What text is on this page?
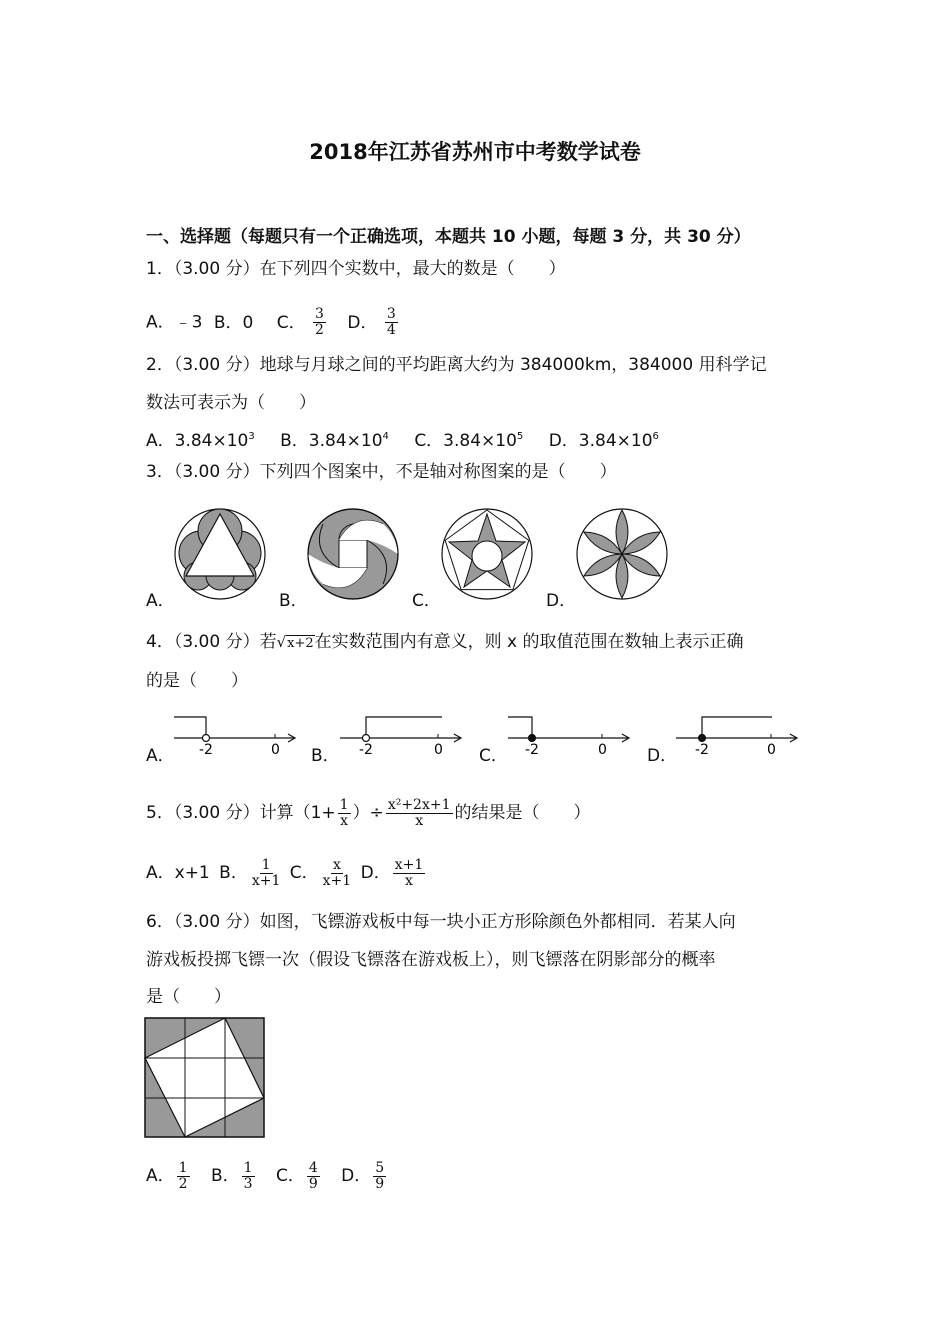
2018年江苏省苏州市中考数学试卷
一、选择题（每题只有一个正确选项，本题共 10 小题，每题 3 分，共 30 分）
1．（3.00 分）在下列四个实数中，最大的数是（　　）
A．﹣3 B．0 C． $\frac{3}{2}$ D． $\frac{3}{4}$
2．（3.00 分）地球与月球之间的平均距离大约为 384000km，384000 用科学记
数法可表示为（　　）
A．$3.84\times 10^3$ B．$3.84\times 10^4$ C．$3.84\times 10^5$ D．$3.84\times 10^6$
3．（3.00 分）下列四个图案中，不是轴对称图案的是（　　）
A．	B．	C．	D．
4．（3.00 分）若√x+2在实数范围内有意义，则 x 的取值范围在数轴上表示正确
的是（　　）
A．	B．	C．	D．
-2	0	-2	0	-2	0	-2	0
5．（3.00 分）计算（$1+ \frac{1}{x}$ ）÷ $\frac{\text{x²+2x+1}}{x}$ 的结果是（　　）
A．x+1 B． $\frac{1}{x+1}$ C． $\frac{x}{x+1}$ D． $\frac{x+1}{x}$
6．（3.00 分）如图，飞镖游戏板中每一块小正方形除颜色外都相同．若某人向
游戏板投掷飞镖一次（假设飞镖落在游戏板上），则飞镖落在阴影部分的概率
是（　　）
A． $\frac{1}{2}$ B． $\frac{1}{3}$ C． $\frac{4}{9}$ D． $\frac{5}{9}$
